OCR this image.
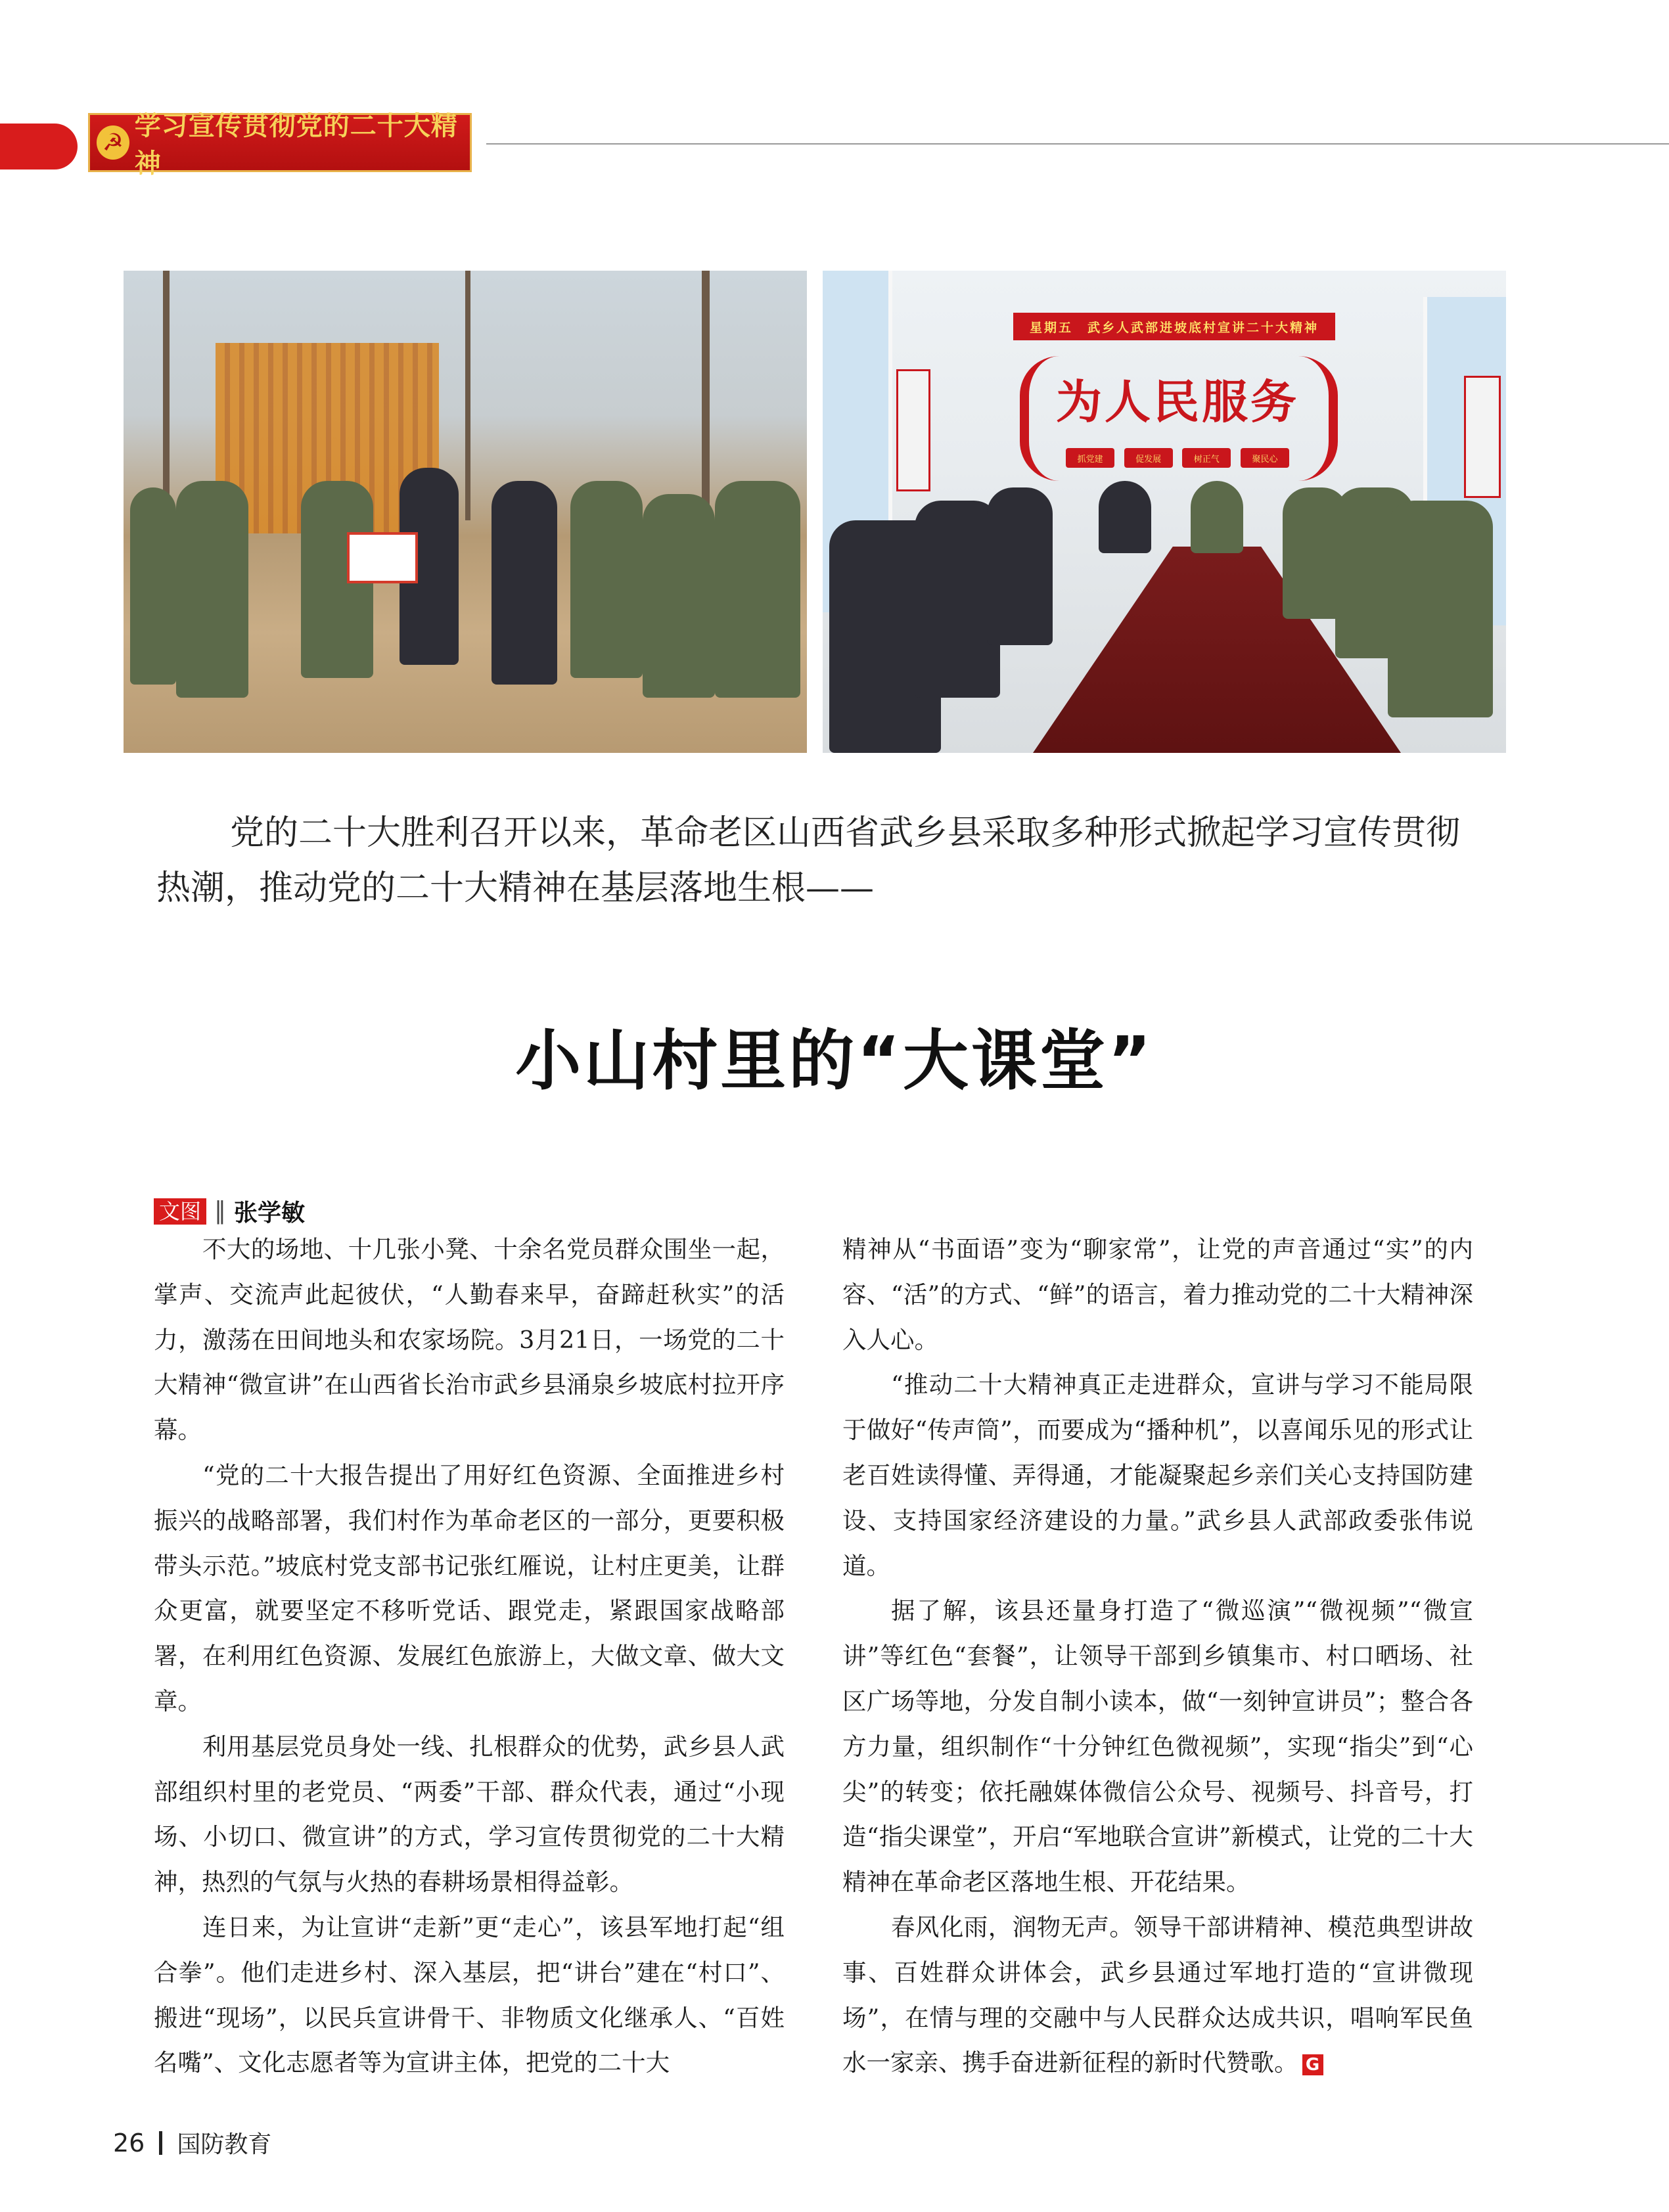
☭
学习宣传贯彻党的二十大精神
星期五　武乡人武部进坡底村宣讲二十大精神
为人民服务
抓党建	促发展	树正气	聚民心

党的二十大胜利召开以来，革命老区山西省武乡县采取多种形式掀起学习宣传贯彻热潮，推动党的二十大精神在基层落地生根——

小山村里的“大课堂”
文图 ‖ 张学敏

不大的场地、十几张小凳、十余名党员群众围坐一起，掌声、交流声此起彼伏，“人勤春来早，奋蹄赶秋实”的活力，激荡在田间地头和农家场院。3月21日，一场党的二十大精神“微宣讲”在山西省长治市武乡县涌泉乡坡底村拉开序幕。

“党的二十大报告提出了用好红色资源、全面推进乡村振兴的战略部署，我们村作为革命老区的一部分，更要积极带头示范。”坡底村党支部书记张红雁说，让村庄更美，让群众更富，就要坚定不移听党话、跟党走，紧跟国家战略部署，在利用红色资源、发展红色旅游上，大做文章、做大文章。

利用基层党员身处一线、扎根群众的优势，武乡县人武部组织村里的老党员、“两委”干部、群众代表，通过“小现场、小切口、微宣讲”的方式，学习宣传贯彻党的二十大精神，热烈的气氛与火热的春耕场景相得益彰。

连日来，为让宣讲“走新”更“走心”，该县军地打起“组合拳”。他们走进乡村、深入基层，把“讲台”建在“村口”、搬进“现场”，以民兵宣讲骨干、非物质文化继承人、“百姓名嘴”、文化志愿者等为宣讲主体，把党的二十大

精神从“书面语”变为“聊家常”，让党的声音通过“实”的内容、“活”的方式、“鲜”的语言，着力推动党的二十大精神深入人心。

“推动二十大精神真正走进群众，宣讲与学习不能局限于做好“传声筒”，而要成为“播种机”，以喜闻乐见的形式让老百姓读得懂、弄得通，才能凝聚起乡亲们关心支持国防建设、支持国家经济建设的力量。”武乡县人武部政委张伟说道。

据了解，该县还量身打造了“微巡演”“微视频”“微宣讲”等红色“套餐”，让领导干部到乡镇集市、村口晒场、社区广场等地，分发自制小读本，做“一刻钟宣讲员”；整合各方力量，组织制作“十分钟红色微视频”，实现“指尖”到“心尖”的转变；依托融媒体微信公众号、视频号、抖音号，打造“指尖课堂”，开启“军地联合宣讲”新模式，让党的二十大精神在革命老区落地生根、开花结果。

春风化雨，润物无声。领导干部讲精神、模范典型讲故事、百姓群众讲体会，武乡县通过军地打造的“宣讲微现场”，在情与理的交融中与人民群众达成共识，唱响军民鱼水一家亲、携手奋进新征程的新时代赞歌。 G

26 国防教育
